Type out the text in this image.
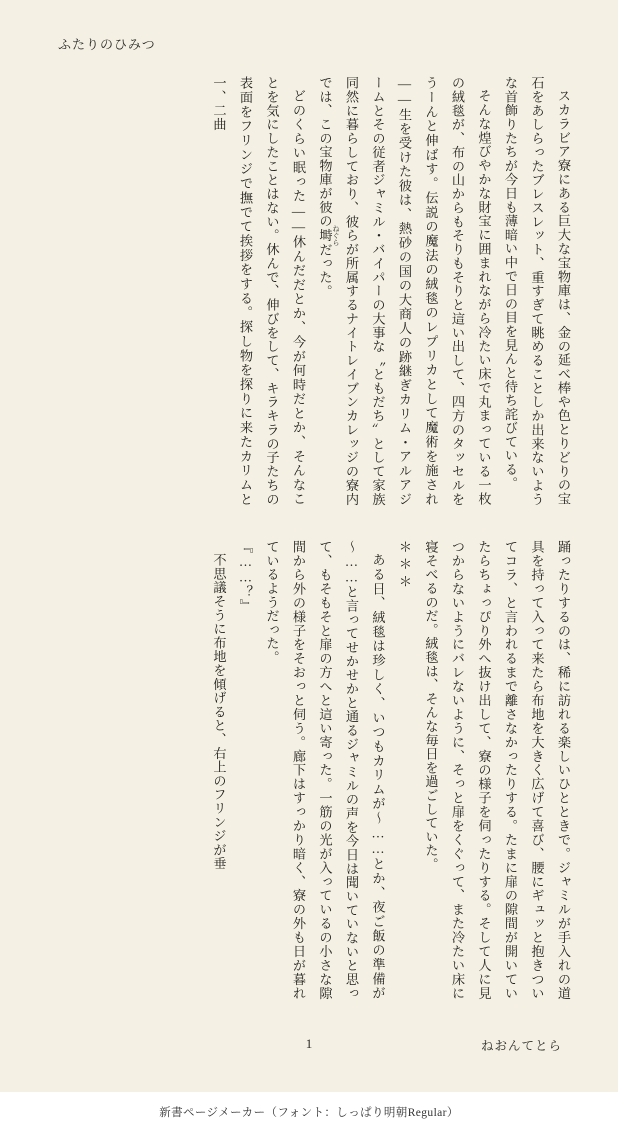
ふたりのひみつ

スカラビア寮にある巨大な宝物庫は、金の延べ棒や色とりどりの宝石をあしらったブレスレット、重すぎて眺めることしか出来ないような首飾りたちが今日も薄暗い中で日の目を見んと待ち詫びている。

そんな煌びやかな財宝に囲まれながら冷たい床で丸まっている一枚の絨毯が、布の山からもそりもそりと這い出して、四方のタッセルをうーんと伸ばす。伝説の魔法の絨毯のレプリカとして魔術を施され――生を受けた彼は、熱砂の国の大商人の跡継ぎカリム・アルアジームとその従者ジャミル・バイパーの大事な〝ともだち〟として家族同然に暮らしており、彼らが所属するナイトレイブンカレッジの寮内では、この宝物庫が彼の塒 ねぐらだった。

どのくらい眠った――休んだだとか、今が何時だとか、そんなことを気にしたことはない。休んで、伸びをして、キラキラの子たちの表面をフリンジで撫でて挨拶をする。探し物を探りに来たカリムと一、二曲

踊ったりするのは、稀に訪れる楽しいひとときで。ジャミルが手入れの道具を持って入って来たら布地を大きく広げて喜び、腰にギュッと抱きついてコラ、と言われるまで離さなかったりする。たまに扉の隙間が開いていたらちょっぴり外へ抜け出して、寮の様子を伺ったりする。そして人に見つからないようにバレないように、そっと扉をくぐって、また冷たい床に寝そべるのだ。絨毯は、そんな毎日を過ごしていた。

＊＊＊

ある日、絨毯は珍しく、いつもカリムが～……とか、夜ご飯の準備が～……と言ってせかせかと通るジャミルの声を今日は聞いていないと思って、もそもそと扉の方へと這い寄った。一筋の光が入っているの小さな隙間から外の様子をそおっと伺う。廊下はすっかり暗く、寮の外も日が暮れているようだった。

『……？』

不思議そうに布地を傾げると、右上のフリンジが垂

1	ねおんてとら
新書ページメーカー（フォント：しっぱり明朝Regular）
